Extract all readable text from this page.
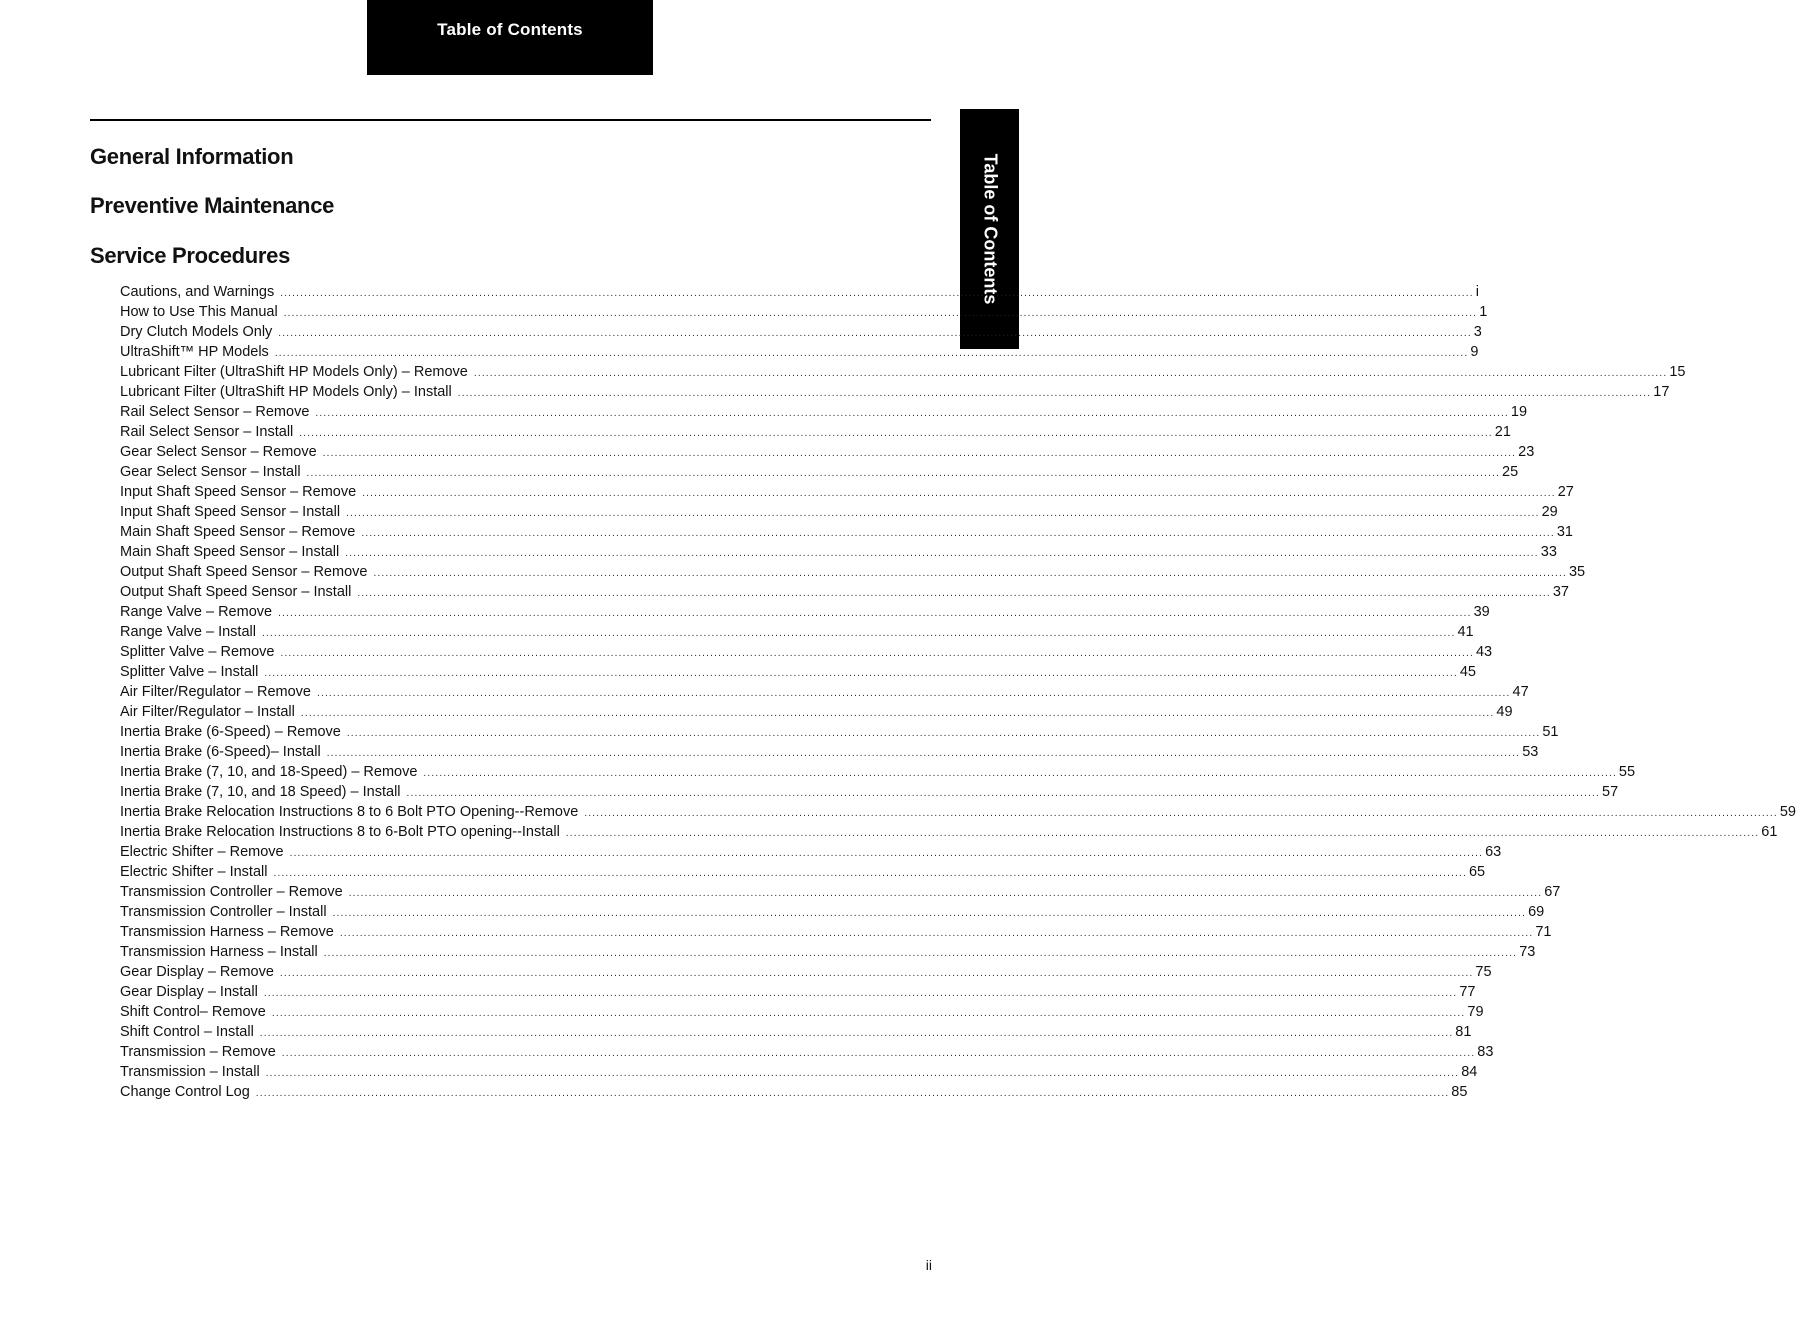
Table of Contents
Table of Contents
General Information
Preventive Maintenance
Service Procedures
Cautions, and Warnings ............................................................................................................................................................................................................................................................................................................ i
How to Use This Manual ............................................................................................................................................................................................................................................................................................................ 1
Dry Clutch Models Only ............................................................................................................................................................................................................................................................................................................ 3
UltraShift™ HP Models ............................................................................................................................................................................................................................................................................................................ 9
Lubricant Filter (UltraShift HP Models Only) – Remove ............................................................................................................................................................................................................................................................................................................ 15
Lubricant Filter (UltraShift HP Models Only) – Install ............................................................................................................................................................................................................................................................................................................ 17
Rail Select Sensor – Remove ............................................................................................................................................................................................................................................................................................................ 19
Rail Select Sensor – Install ............................................................................................................................................................................................................................................................................................................ 21
Gear Select Sensor – Remove ............................................................................................................................................................................................................................................................................................................ 23
Gear Select Sensor – Install ............................................................................................................................................................................................................................................................................................................ 25
Input Shaft Speed Sensor – Remove ............................................................................................................................................................................................................................................................................................................ 27
Input Shaft Speed Sensor – Install ............................................................................................................................................................................................................................................................................................................ 29
Main Shaft Speed Sensor – Remove ............................................................................................................................................................................................................................................................................................................ 31
Main Shaft Speed Sensor – Install ............................................................................................................................................................................................................................................................................................................ 33
Output Shaft Speed Sensor – Remove ............................................................................................................................................................................................................................................................................................................ 35
Output Shaft Speed Sensor – Install ............................................................................................................................................................................................................................................................................................................ 37
Range Valve – Remove ............................................................................................................................................................................................................................................................................................................ 39
Range Valve – Install ............................................................................................................................................................................................................................................................................................................ 41
Splitter Valve – Remove ............................................................................................................................................................................................................................................................................................................ 43
Splitter Valve – Install ............................................................................................................................................................................................................................................................................................................ 45
Air Filter/Regulator – Remove ............................................................................................................................................................................................................................................................................................................ 47
Air Filter/Regulator – Install ............................................................................................................................................................................................................................................................................................................ 49
Inertia Brake (6-Speed) – Remove ............................................................................................................................................................................................................................................................................................................ 51
Inertia Brake (6-Speed)– Install ............................................................................................................................................................................................................................................................................................................ 53
Inertia Brake (7, 10, and 18-Speed) – Remove ............................................................................................................................................................................................................................................................................................................ 55
Inertia Brake (7, 10, and 18 Speed) – Install ............................................................................................................................................................................................................................................................................................................ 57
Inertia Brake Relocation Instructions 8 to 6 Bolt PTO Opening--Remove ............................................................................................................................................................................................................................................................................................................ 59
Inertia Brake Relocation Instructions 8 to 6-Bolt PTO opening--Install ............................................................................................................................................................................................................................................................................................................ 61
Electric Shifter – Remove ............................................................................................................................................................................................................................................................................................................ 63
Electric Shifter – Install ............................................................................................................................................................................................................................................................................................................ 65
Transmission Controller – Remove ............................................................................................................................................................................................................................................................................................................ 67
Transmission Controller – Install ............................................................................................................................................................................................................................................................................................................ 69
Transmission Harness – Remove ............................................................................................................................................................................................................................................................................................................ 71
Transmission Harness – Install ............................................................................................................................................................................................................................................................................................................ 73
Gear Display – Remove ............................................................................................................................................................................................................................................................................................................ 75
Gear Display – Install ............................................................................................................................................................................................................................................................................................................ 77
Shift Control– Remove ............................................................................................................................................................................................................................................................................................................ 79
Shift Control – Install ............................................................................................................................................................................................................................................................................................................ 81
Transmission – Remove ............................................................................................................................................................................................................................................................................................................ 83
Transmission – Install ............................................................................................................................................................................................................................................................................................................ 84
Change Control Log ............................................................................................................................................................................................................................................................................................................ 85
ii
